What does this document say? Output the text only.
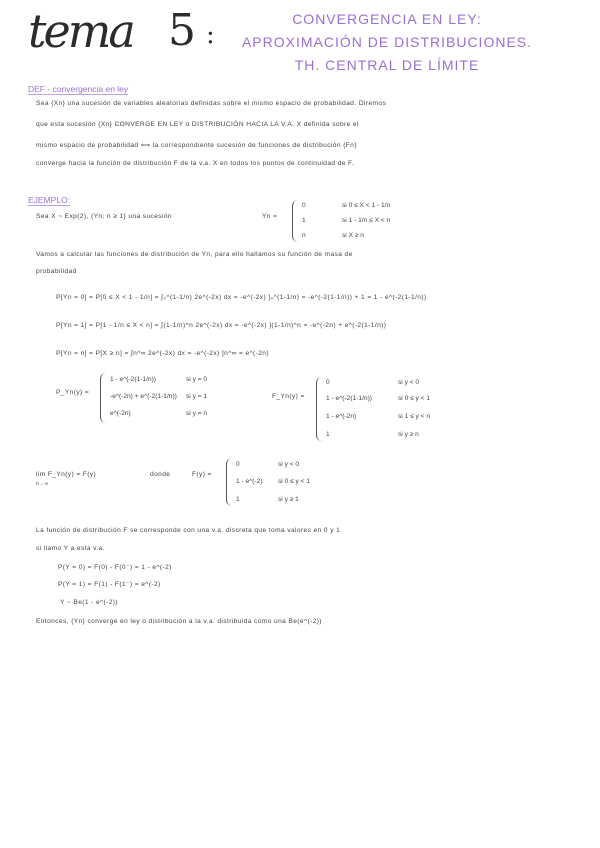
tema 5 :
CONVERGENCIA EN LEY:
APROXIMACIÓN DE DISTRIBUCIONES.
TH. CENTRAL DE LÍMITE
DEF - convergencia en ley
Sea {Xn} una sucesión de variables aleatorias definidas sobre el mismo espacio de probabilidad. Diremos
que esta sucesión {Xn} CONVERGE EN LEY o DISTRIBUCIÓN HACIA LA V.A. X definida sobre el
mismo espacio de probabilidad ⟺ la correspondiente sucesión de funciones de distribución {Fn}
converge hacia la función de distribución F de la v.a. X en todos los puntos de continuidad de F.
EJEMPLO:
Sea X ~ Exp(2), {Yn; n ≥ 1} una sucesión	Yn =
0	si 0 ≤ X < 1 - 1/n
1	si 1 - 1/n ≤ X < n
n	si X ≥ n
Vamos a calcular las funciones de distribución de Yn, para ello hallamos su función de masa de
probabilidad
P[Yn = 0] = P[0 ≤ X < 1 - 1/n] = ∫₀^(1-1/n) 2e^(-2x) dx = -e^(-2x) ]₀^(1-1/n) = -e^(-2(1-1/n)) + 1 = 1 - e^(-2(1-1/n))
P[Yn = 1] = P[1 - 1/n ≤ X < n] = ∫(1-1/n)^n 2e^(-2x) dx = -e^(-2x) ](1-1/n)^n = -e^(-2n) + e^(-2(1-1/n))
P[Yn = n] = P[X ≥ n] = ∫n^∞ 2e^(-2x) dx = -e^(-2x) ]n^∞ = e^(-2n)
P_Yn(y) =
1 - e^(-2(1-1/n))	si y = 0
-e^(-2n) + e^(-2(1-1/n)) si y = 1
e^(-2n)	si y = n
F_Yn(y) =
0	si y < 0
1 - e^(-2(1-1/n))	si 0 ≤ y < 1
1 - e^(-2n)	si 1 ≤ y < n
1	si y ≥ n
lim F_Yn(y) = F(y)
n→∞
donde	F(y) =
0	si y < 0
1 - e^(-2) si 0 ≤ y < 1
1	si y ≥ 1
La función de distribución F se corresponde con una v.a. discreta que toma valores en 0 y 1
si llamo Y a esta v.a.
P(Y = 0) = F(0) - F(0⁻) = 1 - e^(-2)
P(Y = 1) = F(1) - F(1⁻) = e^(-2)
Y ~ Be(1 - e^(-2))
Entonces, {Yn} converge en ley o distribución a la v.a. distribuida como una Be(e^(-2))
